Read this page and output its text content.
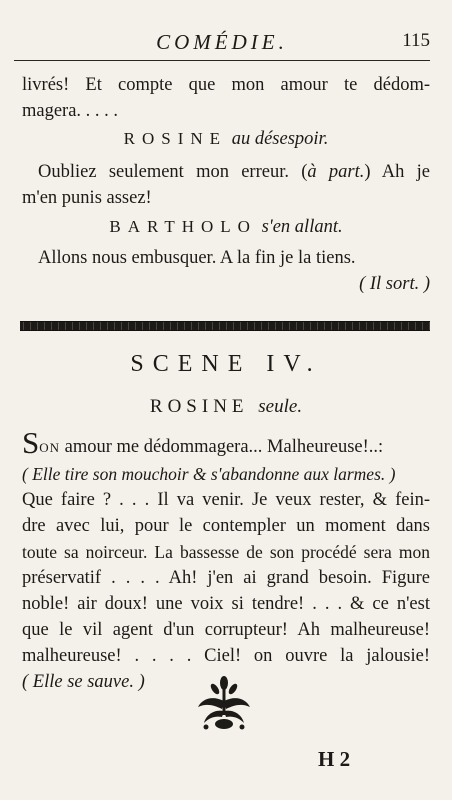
COMÉDIE.	115
livrés! Et compte que mon amour te dédom-
magera. . . . .
ROSINE au désespoir.
Oubliez seulement mon erreur. (à part.) Ah je
m'en punis assez!
BARTHOLO s'en allant.
Allons nous embusquer. A la fin je la tiens.
( Il sort. )
SCENE IV.
ROSINE seule.
SON amour me dédommagera... Malheureuse!..:
( Elle tire son mouchoir & s'abandonne aux larmes. )
Que faire ? . . . Il va venir. Je veux rester, & fein-
dre avec lui, pour le contempler un moment dans
toute sa noirceur. La bassesse de son procédé sera mon
préservatif . . . . Ah! j'en ai grand besoin. Figure
noble! air doux! une voix si tendre! . . . & ce n'est
que le vil agent d'un corrupteur! Ah malheureuse!
malheureuse! . . . . Ciel! on ouvre la jalousie!
( Elle se sauve. )
H 2
